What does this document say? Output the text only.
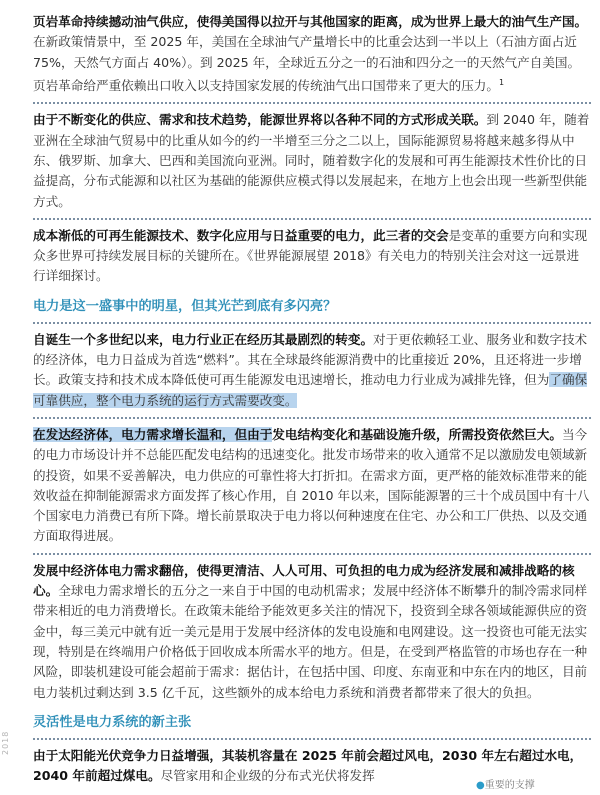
2018

页岩革命持续撼动油气供应，使得美国得以拉开与其他国家的距离，成为世界上最大的油气生产国。在新政策情景中，至 2025 年，美国在全球油气产量增长中的比重会达到一半以上（石油方面占近 75%，天然气方面占 40%）。到 2025 年，全球近五分之一的石油和四分之一的天然气产自美国。页岩革命给严重依赖出口收入以支持国家发展的传统油气出口国带来了更大的压力。$^1$

由于不断变化的供应、需求和技术趋势，能源世界将以各种不同的方式形成关联。到 2040 年，随着亚洲在全球油气贸易中的比重从如今的约一半增至三分之二以上，国际能源贸易将越来越多得从中东、俄罗斯、加拿大、巴西和美国流向亚洲。同时，随着数字化的发展和可再生能源技术性价比的日益提高，分布式能源和以社区为基础的能源供应模式得以发展起来，在地方上也会出现一些新型供能方式。

成本渐低的可再生能源技术、数字化应用与日益重要的电力，此三者的交会是变革的重要方向和实现众多世界可持续发展目标的关键所在。《世界能源展望 2018》有关电力的特别关注会对这一远景进行详细探讨。

电力是这一盛事中的明星，但其光芒到底有多闪亮？

自诞生一个多世纪以来，电力行业正在经历其最剧烈的转变。对于更依赖轻工业、服务业和数字技术的经济体，电力日益成为首选“燃料”。其在全球最终能源消费中的比重接近 20%，且还将进一步增长。政策支持和技术成本降低使可再生能源发电迅速增长，推动电力行业成为减排先锋，但为了确保可靠供应，整个电力系统的运行方式需要改变。

在发达经济体，电力需求增长温和，但由于发电结构变化和基础设施升级，所需投资依然巨大。当今的电力市场设计并不总能匹配发电结构的迅速变化。批发市场带来的收入通常不足以激励发电领域新的投资，如果不妥善解决，电力供应的可靠性将大打折扣。在需求方面，更严格的能效标准带来的能效收益在抑制能源需求方面发挥了核心作用，自 2010 年以来，国际能源署的三十个成员国中有十八个国家电力消费已有所下降。增长前景取决于电力将以何种速度在住宅、办公和工厂供热、以及交通方面取得进展。

发展中经济体电力需求翻倍，使得更清洁、人人可用、可负担的电力成为经济发展和减排战略的核心。全球电力需求增长的五分之一来自于中国的电动机需求；发展中经济体不断攀升的制冷需求同样带来相近的电力消费增长。在政策未能给予能效更多关注的情况下，投资到全球各领域能源供应的资金中，每三美元中就有近一美元是用于发展中经济体的发电设施和电网建设。这一投资也可能无法实现，特别是在终端用户价格低于回收成本所需水平的地方。但是，在受到严格监管的市场也存在一种风险，即装机建设可能会超前于需求：据估计，在包括中国、印度、东南亚和中东在内的地区，目前电力装机过剩达到 3.5 亿千瓦，这些额外的成本给电力系统和消费者都带来了很大的负担。

灵活性是电力系统的新主张

由于太阳能光伏竞争力日益增强，其装机容量在 2025 年前会超过风电，2030 年左右超过水电，2040 年前超过煤电。尽管家用和企业级的分布式光伏将发挥

●重要的支撑
